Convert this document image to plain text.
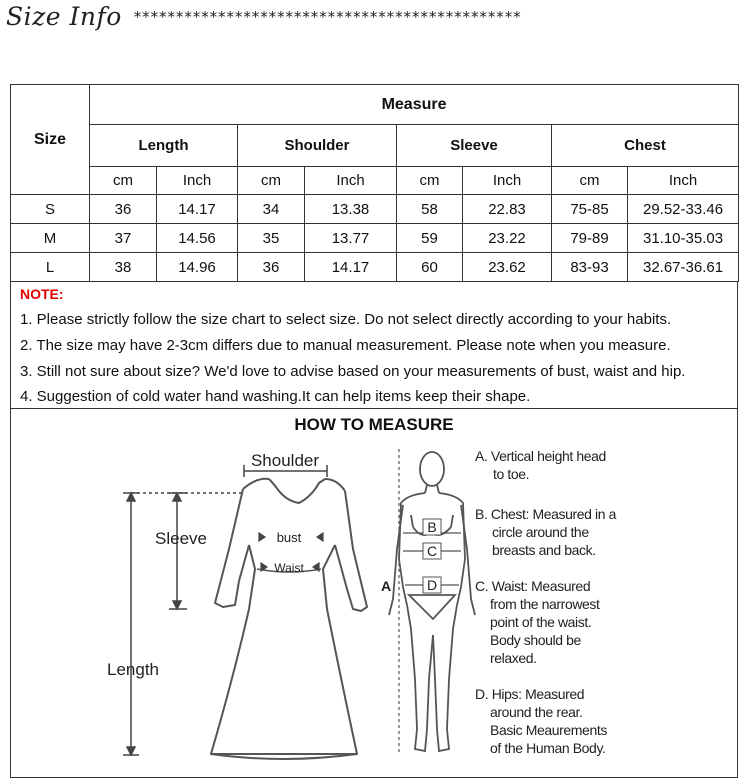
Size Info **********************************************
Size	Measure							
	Length		Shoulder		Sleeve		Chest	
	cm	Inch	cm	Inch	cm	Inch	cm	Inch
S	36	14.17	34	13.38	58	22.83	75-85	29.52-33.46
M	37	14.56	35	13.77	59	23.22	79-89	31.10-35.03
L	38	14.96	36	14.17	60	23.62	83-93	32.67-36.61
NOTE:
1. Please strictly follow the size chart to select size. Do not select directly according to your habits.
2. The size may have 2-3cm differs due to manual measurement. Please note when you measure.
3. Still not sure about size? We'd love to advise based on your measurements of bust, waist and hip.
4. Suggestion of cold water hand washing.It can help items keep their shape.
HOW TO MEASURE
Shoulder
Sleeve
Length
bust
Waist
B
C
D
A
A. Vertical height head
to toe.
B. Chest: Measured in a
circle around the
breasts and back.
C. Waist: Measured
from the narrowest
point of the waist.
Body should be
relaxed.
D. Hips: Measured
around the rear.
Basic Meaurements
of the Human Body.
